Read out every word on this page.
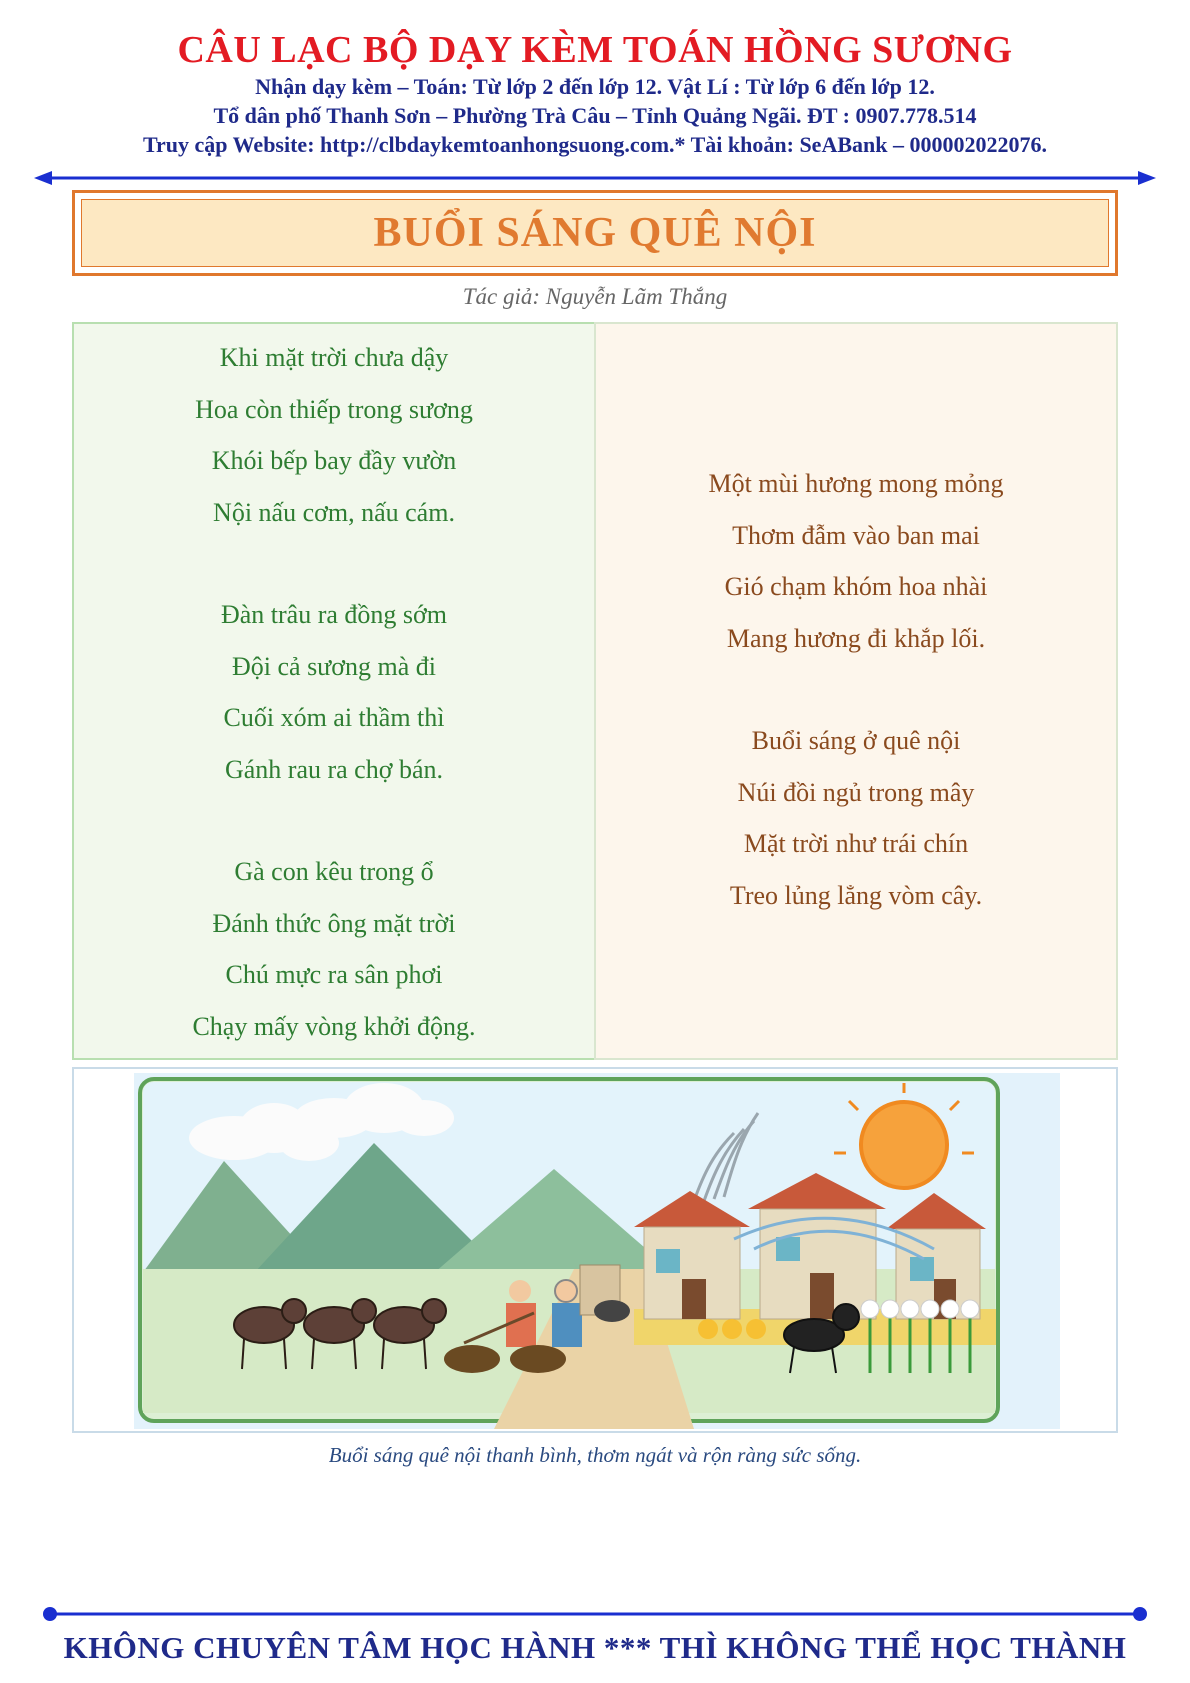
CÂU LẠC BỘ DẠY KÈM TOÁN HỒNG SƯƠNG
Nhận dạy kèm – Toán: Từ lớp 2 đến lớp 12. Vật Lí : Từ lớp 6 đến lớp 12.
Tổ dân phố Thanh Sơn – Phường Trà Câu – Tỉnh Quảng Ngãi. ĐT : 0907.778.514
Truy cập Website: http://clbdaykemtoanhongsuong.com.* Tài khoản: SeABank – 000002022076.
BUỔI SÁNG QUÊ NỘI
Tác giả: Nguyễn Lãm Thắng
Khi mặt trời chưa dậy
Hoa còn thiếp trong sương
Khói bếp bay đầy vườn
Nội nấu cơm, nấu cám.
Đàn trâu ra đồng sớm
Đội cả sương mà đi
Cuối xóm ai thầm thì
Gánh rau ra chợ bán.
Gà con kêu trong ổ
Đánh thức ông mặt trời
Chú mực ra sân phơi
Chạy mấy vòng khởi động.
Một mùi hương mong mỏng
Thơm đẫm vào ban mai
Gió chạm khóm hoa nhài
Mang hương đi khắp lối.
Buổi sáng ở quê nội
Núi đồi ngủ trong mây
Mặt trời như trái chín
Treo lủng lẳng vòm cây.
Buổi sáng quê nội thanh bình, thơm ngát và rộn ràng sức sống.
KHÔNG CHUYÊN TÂM HỌC HÀNH *** THÌ KHÔNG THỂ HỌC THÀNH
